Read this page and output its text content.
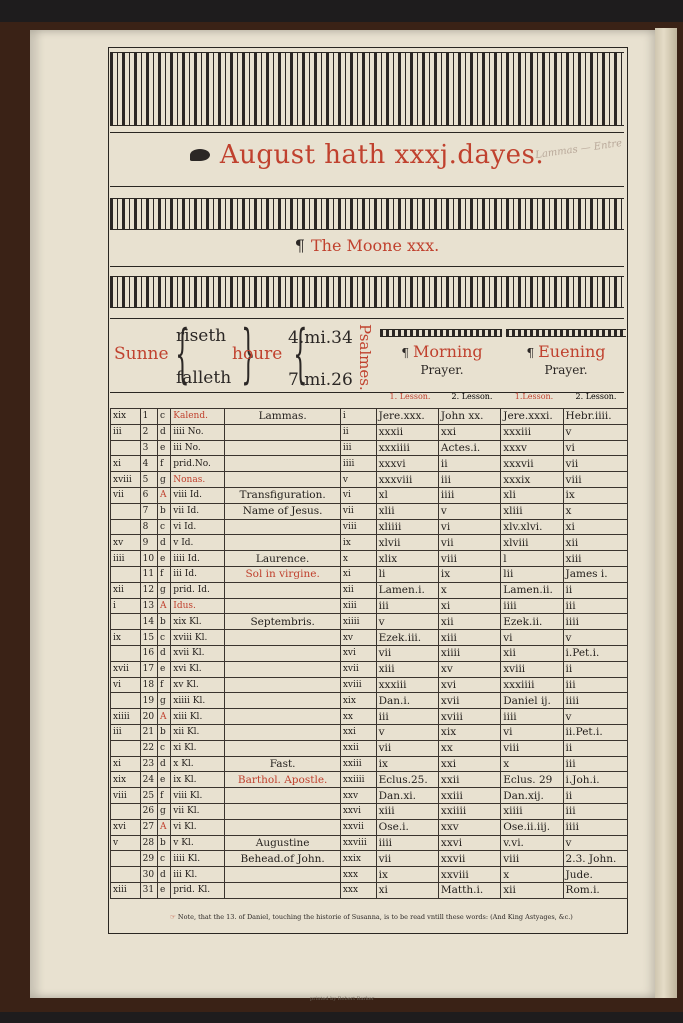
August hath xxxj.dayes.
Lammas — Entre
¶ The Moone xxx.
Sunne {
riseth
falleth }
houre {
4.mi.34
7.mi.26 Psalmes.	¶ Morning
Prayer.
¶ Euening
Prayer.
1. Lesson.	2. Lesson.	1.Lesson.	2. Lesson.
xix	1	c	Kalend.	Lammas.	i	Jere.xxx.	John xx.	Jere.xxxi.	Hebr.iiii.
iii	2	d	iiii No.		ii	xxxii	xxi	xxxiii	v
	3	e	iii No.		iii	xxxiiii	Actes.i.	xxxv	vi
xi	4	f	prid.No.		iiii	xxxvi	ii	xxxvii	vii
xviii	5	g	Nonas.		v	xxxviii	iii	xxxix	viii
vii	6	A	viii Id.	Transfiguration.	vi	xl	iiii	xli	ix
	7	b	vii Id.	Name of Jesus.	vii	xlii	v	xliii	x
	8	c	vi Id.		viii	xliiii	vi	xlv.xlvi.	xi
xv	9	d	v Id.		ix	xlvii	vii	xlviii	xii
iiii	10	e	iiii Id.	Laurence.	x	xlix	viii	l	xiii
	11	f	iii Id.	Sol in virgine.	xi	li	ix	lii	James i.
xii	12	g	prid. Id.		xii	Lamen.i.	x	Lamen.ii.	ii
i	13	A	Idus.		xiii	iii	xi	iiii	iii
	14	b	xix Kl.	Septembris.	xiiii	v	xii	Ezek.ii.	iiii
ix	15	c	xviii Kl.		xv	Ezek.iii.	xiii	vi	v
	16	d	xvii Kl.		xvi	vii	xiiii	xii	i.Pet.i.
xvii	17	e	xvi Kl.		xvii	xiii	xv	xviii	ii
vi	18	f	xv Kl.		xviii	xxxiii	xvi	xxxiiii	iii
	19	g	xiiii Kl.		xix	Dan.i.	xvii	Daniel ij.	iiii
xiiii	20	A	xiii Kl.		xx	iii	xviii	iiii	v
iii	21	b	xii Kl.		xxi	v	xix	vi	ii.Pet.i.
	22	c	xi Kl.		xxii	vii	xx	viii	ii
xi	23	d	x Kl.	Fast.	xxiii	ix	xxi	x	iii
xix	24	e	ix Kl.	Barthol. Apostle.	xxiiii	Eclus.25.	xxii	Eclus. 29	i.Joh.i.
viii	25	f	viii Kl.		xxv	Dan.xi.	xxiii	Dan.xij.	ii
	26	g	vii Kl.		xxvi	xiii	xxiiii	xiiii	iii
xvi	27	A	vi Kl.		xxvii	Ose.i.	xxv	Ose.ii.iij.	iiii
v	28	b	v Kl.	Augustine	xxviii	iiii	xxvi	v.vi.	v
	29	c	iiii Kl.	Behead.of John.	xxix	vii	xxvii	viii	2.3. John.
	30	d	iii Kl.		xxx	ix	xxviii	x	Jude.
xiii	31	e	prid. Kl.		xxx	xi	Matth.i.	xii	Rom.i.
☞ Note, that the 13. of Daniel, touching the historie of Susanna, is to be read vntill these words: (And King Astyages, &c.)
printed by Robert Barker
